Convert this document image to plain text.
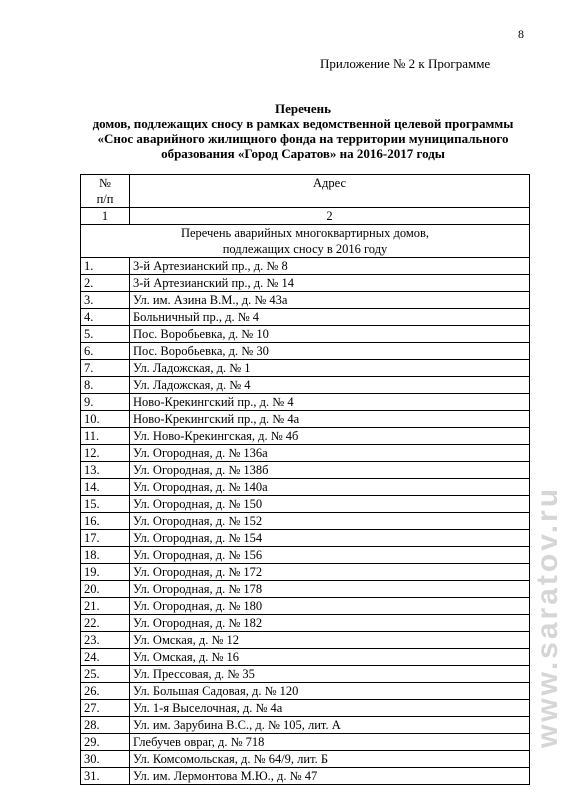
8
Приложение № 2 к Программе
Перечень
домов, подлежащих сносу в рамках ведомственной целевой программы
«Снос аварийного жилищного фонда на территории муниципального
образования «Город Саратов» на 2016-2017 годы
№
п/п	Адрес
1	2

Перечень аварийных многоквартирных домов,
подлежащих сносу в 2016 году	

1.	3-й Артезианский пр., д. № 8
2.	3-й Артезианский пр., д. № 14
3.	Ул. им. Азина В.М., д. № 43а
4.	Больничный пр., д. № 4
5.	Пос. Воробьевка, д. № 10
6.	Пос. Воробьевка, д. № 30
7.	Ул. Ладожская, д. № 1
8.	Ул. Ладожская, д. № 4
9.	Ново-Крекингский пр., д. № 4
10.	Ново-Крекингский пр., д. № 4а
11.	Ул. Ново-Крекингская, д. № 4б
12.	Ул. Огородная, д. № 136а
13.	Ул. Огородная, д. № 138б
14.	Ул. Огородная, д. № 140а
15.	Ул. Огородная, д. № 150
16.	Ул. Огородная, д. № 152
17.	Ул. Огородная, д. № 154
18.	Ул. Огородная, д. № 156
19.	Ул. Огородная, д. № 172
20.	Ул. Огородная, д. № 178
21.	Ул. Огородная, д. № 180
22.	Ул. Огородная, д. № 182
23.	Ул. Омская, д. № 12
24.	Ул. Омская, д. № 16
25.	Ул. Прессовая, д. № 35
26.	Ул. Большая Садовая, д. № 120
27.	Ул. 1-я Выселочная, д. № 4а
28.	Ул. им. Зарубина В.С., д. № 105, лит. А
29.	Глебучев овраг, д. № 718
30.	Ул. Комсомольская, д. № 64/9, лит. Б
31.	Ул. им. Лермонтова М.Ю., д. № 47
www.saratov.ru
